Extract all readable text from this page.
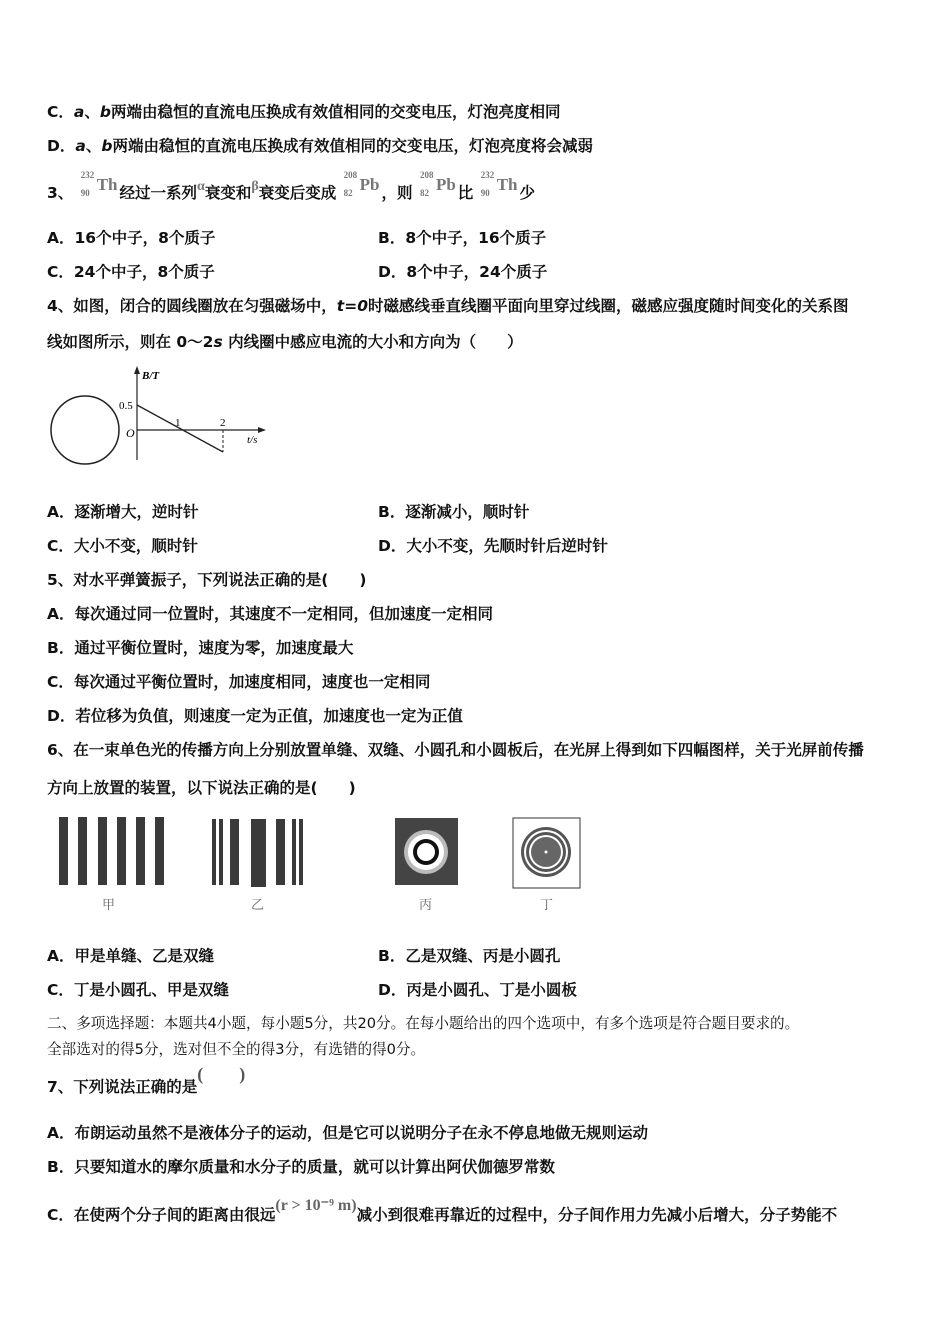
C．a、b两端由稳恒的直流电压换成有效值相同的交变电压，灯泡亮度相同
D．a、b两端由稳恒的直流电压换成有效值相同的交变电压，灯泡亮度将会减弱
3、
232
90 Th 经过一系列α衰变和β衰变后变成
208
82 Pb ，则
208
82 Pb 比
232
90 Th 少
A．16个中子，8个质子	B．8个中子，16个质子
C．24个中子，8个质子	D．8个中子，24个质子
4、如图，闭合的圆线圈放在匀强磁场中，t=0时磁感线垂直线圈平面向里穿过线圈，磁感应强度随时间变化的关系图
线如图所示，则在 0～2s 内线圈中感应电流的大小和方向为（　　）
B/T
0.5
O
1	2
t/s
A．逐渐增大，逆时针	B．逐渐减小，顺时针
C．大小不变，顺时针	D．大小不变，先顺时针后逆时针
5、对水平弹簧振子，下列说法正确的是(　　)
A．每次通过同一位置时，其速度不一定相同，但加速度一定相同
B．通过平衡位置时，速度为零，加速度最大
C．每次通过平衡位置时，加速度相同，速度也一定相同
D．若位移为负值，则速度一定为正值，加速度也一定为正值
6、在一束单色光的传播方向上分别放置单缝、双缝、小圆孔和小圆板后，在光屏上得到如下四幅图样，关于光屏前传播
方向上放置的装置，以下说法正确的是(　　)
甲	乙	丙	丁
A．甲是单缝、乙是双缝	B．乙是双缝、丙是小圆孔
C．丁是小圆孔、甲是双缝	D．丙是小圆孔、丁是小圆板
二、多项选择题：本题共4小题，每小题5分，共20分。在每小题给出的四个选项中，有多个选项是符合题目要求的。
全部选对的得5分，选对但不全的得3分，有选错的得0分。
7、下列说法正确的是(　　)
A．布朗运动虽然不是液体分子的运动，但是它可以说明分子在永不停息地做无规则运动
B．只要知道水的摩尔质量和水分子的质量，就可以计算出阿伏伽德罗常数
C．在使两个分子间的距离由很远(r > 10⁻⁹ m)减小到很难再靠近的过程中，分子间作用力先减小后增大，分子势能不
